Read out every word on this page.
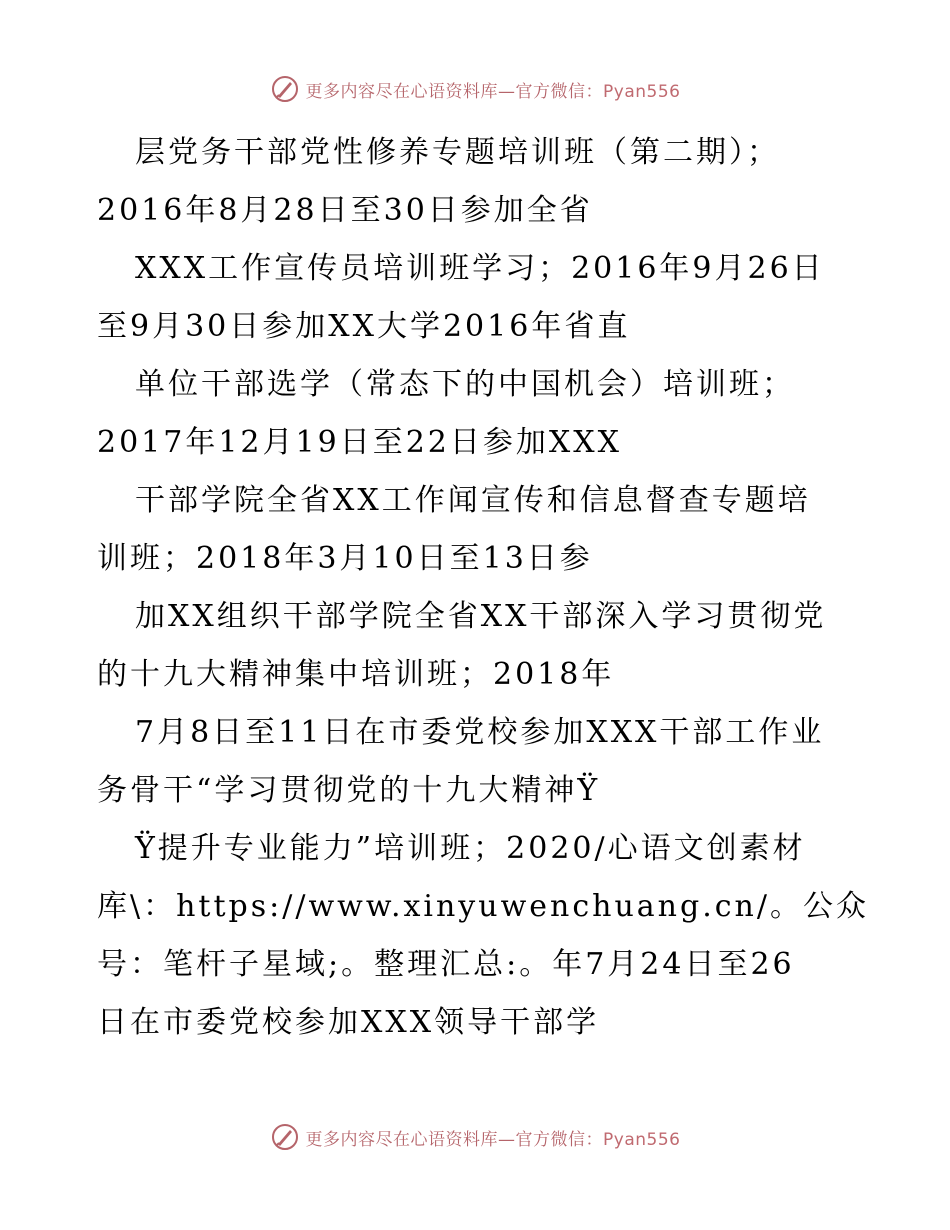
更多内容尽在心语资料库—官方微信：Pyan556
层党务干部党性修养专题培训班（第二期）；
2016年8月28日至30日参加全省
XXX工作宣传员培训班学习；2016年9月26日
至9月30日参加XX大学2016年省直
单位干部选学（常态下的中国机会）培训班；
2017年12月19日至22日参加XXX
干部学院全省XX工作闻宣传和信息督查专题培
训班；2018年3月10日至13日参
加XX组织干部学院全省XX干部深入学习贯彻党
的十九大精神集中培训班；2018年
7月8日至11日在市委党校参加XXX干部工作业
务骨干“学习贯彻党的十九大精神Ÿ
Ÿ提升专业能力”培训班；2020/心语文创素材
库\：https://www.xinyuwenchuang.cn/。公众
号：笔杆子星域;。整理汇总:。年7月24日至26
日在市委党校参加XXX领导干部学
更多内容尽在心语资料库—官方微信：Pyan556
